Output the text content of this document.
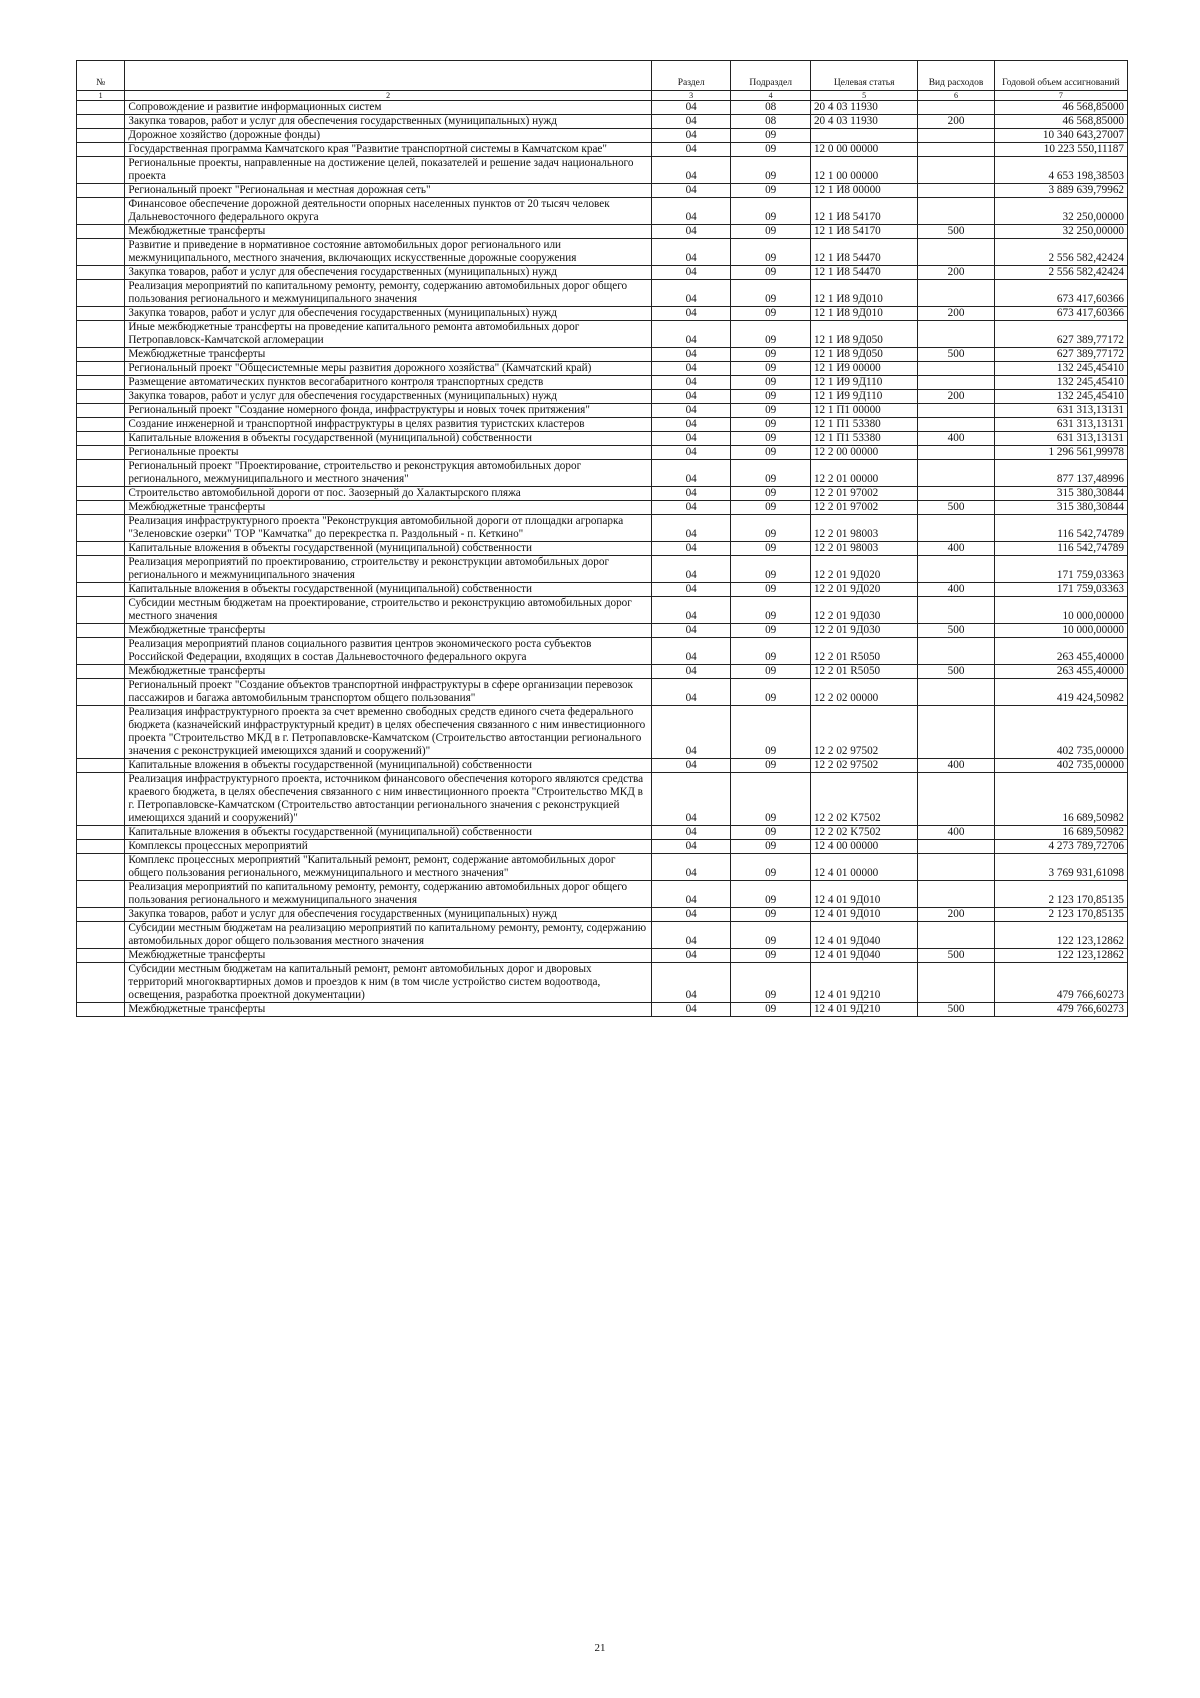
№		Раздел	Подраздел	Целевая статья	Вид расходов	Годовой объем ассигнований
1	2	3	4	5	6	7
	Сопровождение и развитие информационных систем	04	08	20 4 03 11930		46 568,85000
	Закупка товаров, работ и услуг для обеспечения государственных (муниципальных) нужд	04	08	20 4 03 11930	200	46 568,85000
	Дорожное хозяйство (дорожные фонды)	04	09			10 340 643,27007
	Государственная программа Камчатского края "Развитие транспортной системы в Камчатском крае"	04	09	12 0 00 00000		10 223 550,11187
	Региональные проекты, направленные на достижение целей, показателей и решение задач национального проекта	04	09	12 1 00 00000		4 653 198,38503
	Региональный проект "Региональная и местная дорожная сеть"	04	09	12 1 И8 00000		3 889 639,79962
	Финансовое обеспечение дорожной деятельности опорных населенных пунктов от 20 тысяч человек Дальневосточного федерального округа	04	09	12 1 И8 54170		32 250,00000
	Межбюджетные трансферты	04	09	12 1 И8 54170	500	32 250,00000
	Развитие и приведение в нормативное состояние автомобильных дорог регионального или межмуниципального, местного значения, включающих искусственные дорожные сооружения	04	09	12 1 И8 54470		2 556 582,42424
	Закупка товаров, работ и услуг для обеспечения государственных (муниципальных) нужд	04	09	12 1 И8 54470	200	2 556 582,42424
	Реализация мероприятий по капитальному ремонту, ремонту, содержанию автомобильных дорог общего пользования регионального и межмуниципального значения	04	09	12 1 И8 9Д010		673 417,60366
	Закупка товаров, работ и услуг для обеспечения государственных (муниципальных) нужд	04	09	12 1 И8 9Д010	200	673 417,60366
	Иные межбюджетные трансферты на проведение капитального ремонта автомобильных дорог Петропавловск-Камчатской агломерации	04	09	12 1 И8 9Д050		627 389,77172
	Межбюджетные трансферты	04	09	12 1 И8 9Д050	500	627 389,77172
	Региональный проект "Общесистемные меры развития дорожного хозяйства" (Камчатский край)	04	09	12 1 И9 00000		132 245,45410
	Размещение автоматических пунктов весогабаритного контроля транспортных средств	04	09	12 1 И9 9Д110		132 245,45410
	Закупка товаров, работ и услуг для обеспечения государственных (муниципальных) нужд	04	09	12 1 И9 9Д110	200	132 245,45410
	Региональный проект "Создание номерного фонда, инфраструктуры и новых точек притяжения"	04	09	12 1 П1 00000		631 313,13131
	Создание инженерной и транспортной инфраструктуры в целях развития туристских кластеров	04	09	12 1 П1 53380		631 313,13131
	Капитальные вложения в объекты государственной (муниципальной) собственности	04	09	12 1 П1 53380	400	631 313,13131
	Региональные проекты	04	09	12 2 00 00000		1 296 561,99978
	Региональный проект "Проектирование, строительство и реконструкция автомобильных дорог регионального, межмуниципального и местного значения"	04	09	12 2 01 00000		877 137,48996
	Строительство автомобильной дороги от пос. Заозерный до Халактырского пляжа	04	09	12 2 01 97002		315 380,30844
	Межбюджетные трансферты	04	09	12 2 01 97002	500	315 380,30844
	Реализация инфраструктурного проекта "Реконструкция автомобильной дороги от площадки агропарка "Зеленовские озерки" ТОР "Камчатка" до перекрестка п. Раздольный - п. Кеткино"	04	09	12 2 01 98003		116 542,74789
	Капитальные вложения в объекты государственной (муниципальной) собственности	04	09	12 2 01 98003	400	116 542,74789
	Реализация мероприятий по проектированию, строительству и реконструкции автомобильных дорог регионального и межмуниципального значения	04	09	12 2 01 9Д020		171 759,03363
	Капитальные вложения в объекты государственной (муниципальной) собственности	04	09	12 2 01 9Д020	400	171 759,03363
	Субсидии местным бюджетам на проектирование, строительство и реконструкцию автомобильных дорог местного значения	04	09	12 2 01 9Д030		10 000,00000
	Межбюджетные трансферты	04	09	12 2 01 9Д030	500	10 000,00000
	Реализация мероприятий планов социального развития центров экономического роста субъектов Российской Федерации, входящих в состав Дальневосточного федерального округа	04	09	12 2 01 R5050		263 455,40000
	Межбюджетные трансферты	04	09	12 2 01 R5050	500	263 455,40000
	Региональный проект "Создание объектов транспортной инфраструктуры в сфере организации перевозок пассажиров и багажа автомобильным транспортом общего пользования"	04	09	12 2 02 00000		419 424,50982
	Реализация инфраструктурного проекта за счет временно свободных средств единого счета федерального бюджета (казначейский инфраструктурный кредит) в целях обеспечения связанного с ним инвестиционного проекта "Строительство МКД в г. Петропавловске-Камчатском (Строительство автостанции регионального значения с реконструкцией имеющихся зданий и сооружений)"	04	09	12 2 02 97502		402 735,00000
	Капитальные вложения в объекты государственной (муниципальной) собственности	04	09	12 2 02 97502	400	402 735,00000
	Реализация инфраструктурного проекта, источником финансового обеспечения которого являются средства краевого бюджета, в целях обеспечения связанного с ним инвестиционного проекта "Строительство МКД в г. Петропавловске-Камчатском (Строительство автостанции регионального значения с реконструкцией имеющихся зданий и сооружений)"	04	09	12 2 02 K7502		16 689,50982
	Капитальные вложения в объекты государственной (муниципальной) собственности	04	09	12 2 02 K7502	400	16 689,50982
	Комплексы процессных мероприятий	04	09	12 4 00 00000		4 273 789,72706
	Комплекс процессных мероприятий "Капитальный ремонт, ремонт, содержание автомобильных дорог общего пользования регионального, межмуниципального и местного значения"	04	09	12 4 01 00000		3 769 931,61098
	Реализация мероприятий по капитальному ремонту, ремонту, содержанию автомобильных дорог общего пользования регионального и межмуниципального значения	04	09	12 4 01 9Д010		2 123 170,85135
	Закупка товаров, работ и услуг для обеспечения государственных (муниципальных) нужд	04	09	12 4 01 9Д010	200	2 123 170,85135
	Субсидии местным бюджетам на реализацию мероприятий по капитальному ремонту, ремонту, содержанию автомобильных дорог общего пользования местного значения	04	09	12 4 01 9Д040		122 123,12862
	Межбюджетные трансферты	04	09	12 4 01 9Д040	500	122 123,12862
	Субсидии местным бюджетам на капитальный ремонт, ремонт автомобильных дорог и дворовых территорий многоквартирных домов и проездов к ним (в том числе устройство систем водоотвода, освещения, разработка проектной документации)	04	09	12 4 01 9Д210		479 766,60273
	Межбюджетные трансферты	04	09	12 4 01 9Д210	500	479 766,60273
21
